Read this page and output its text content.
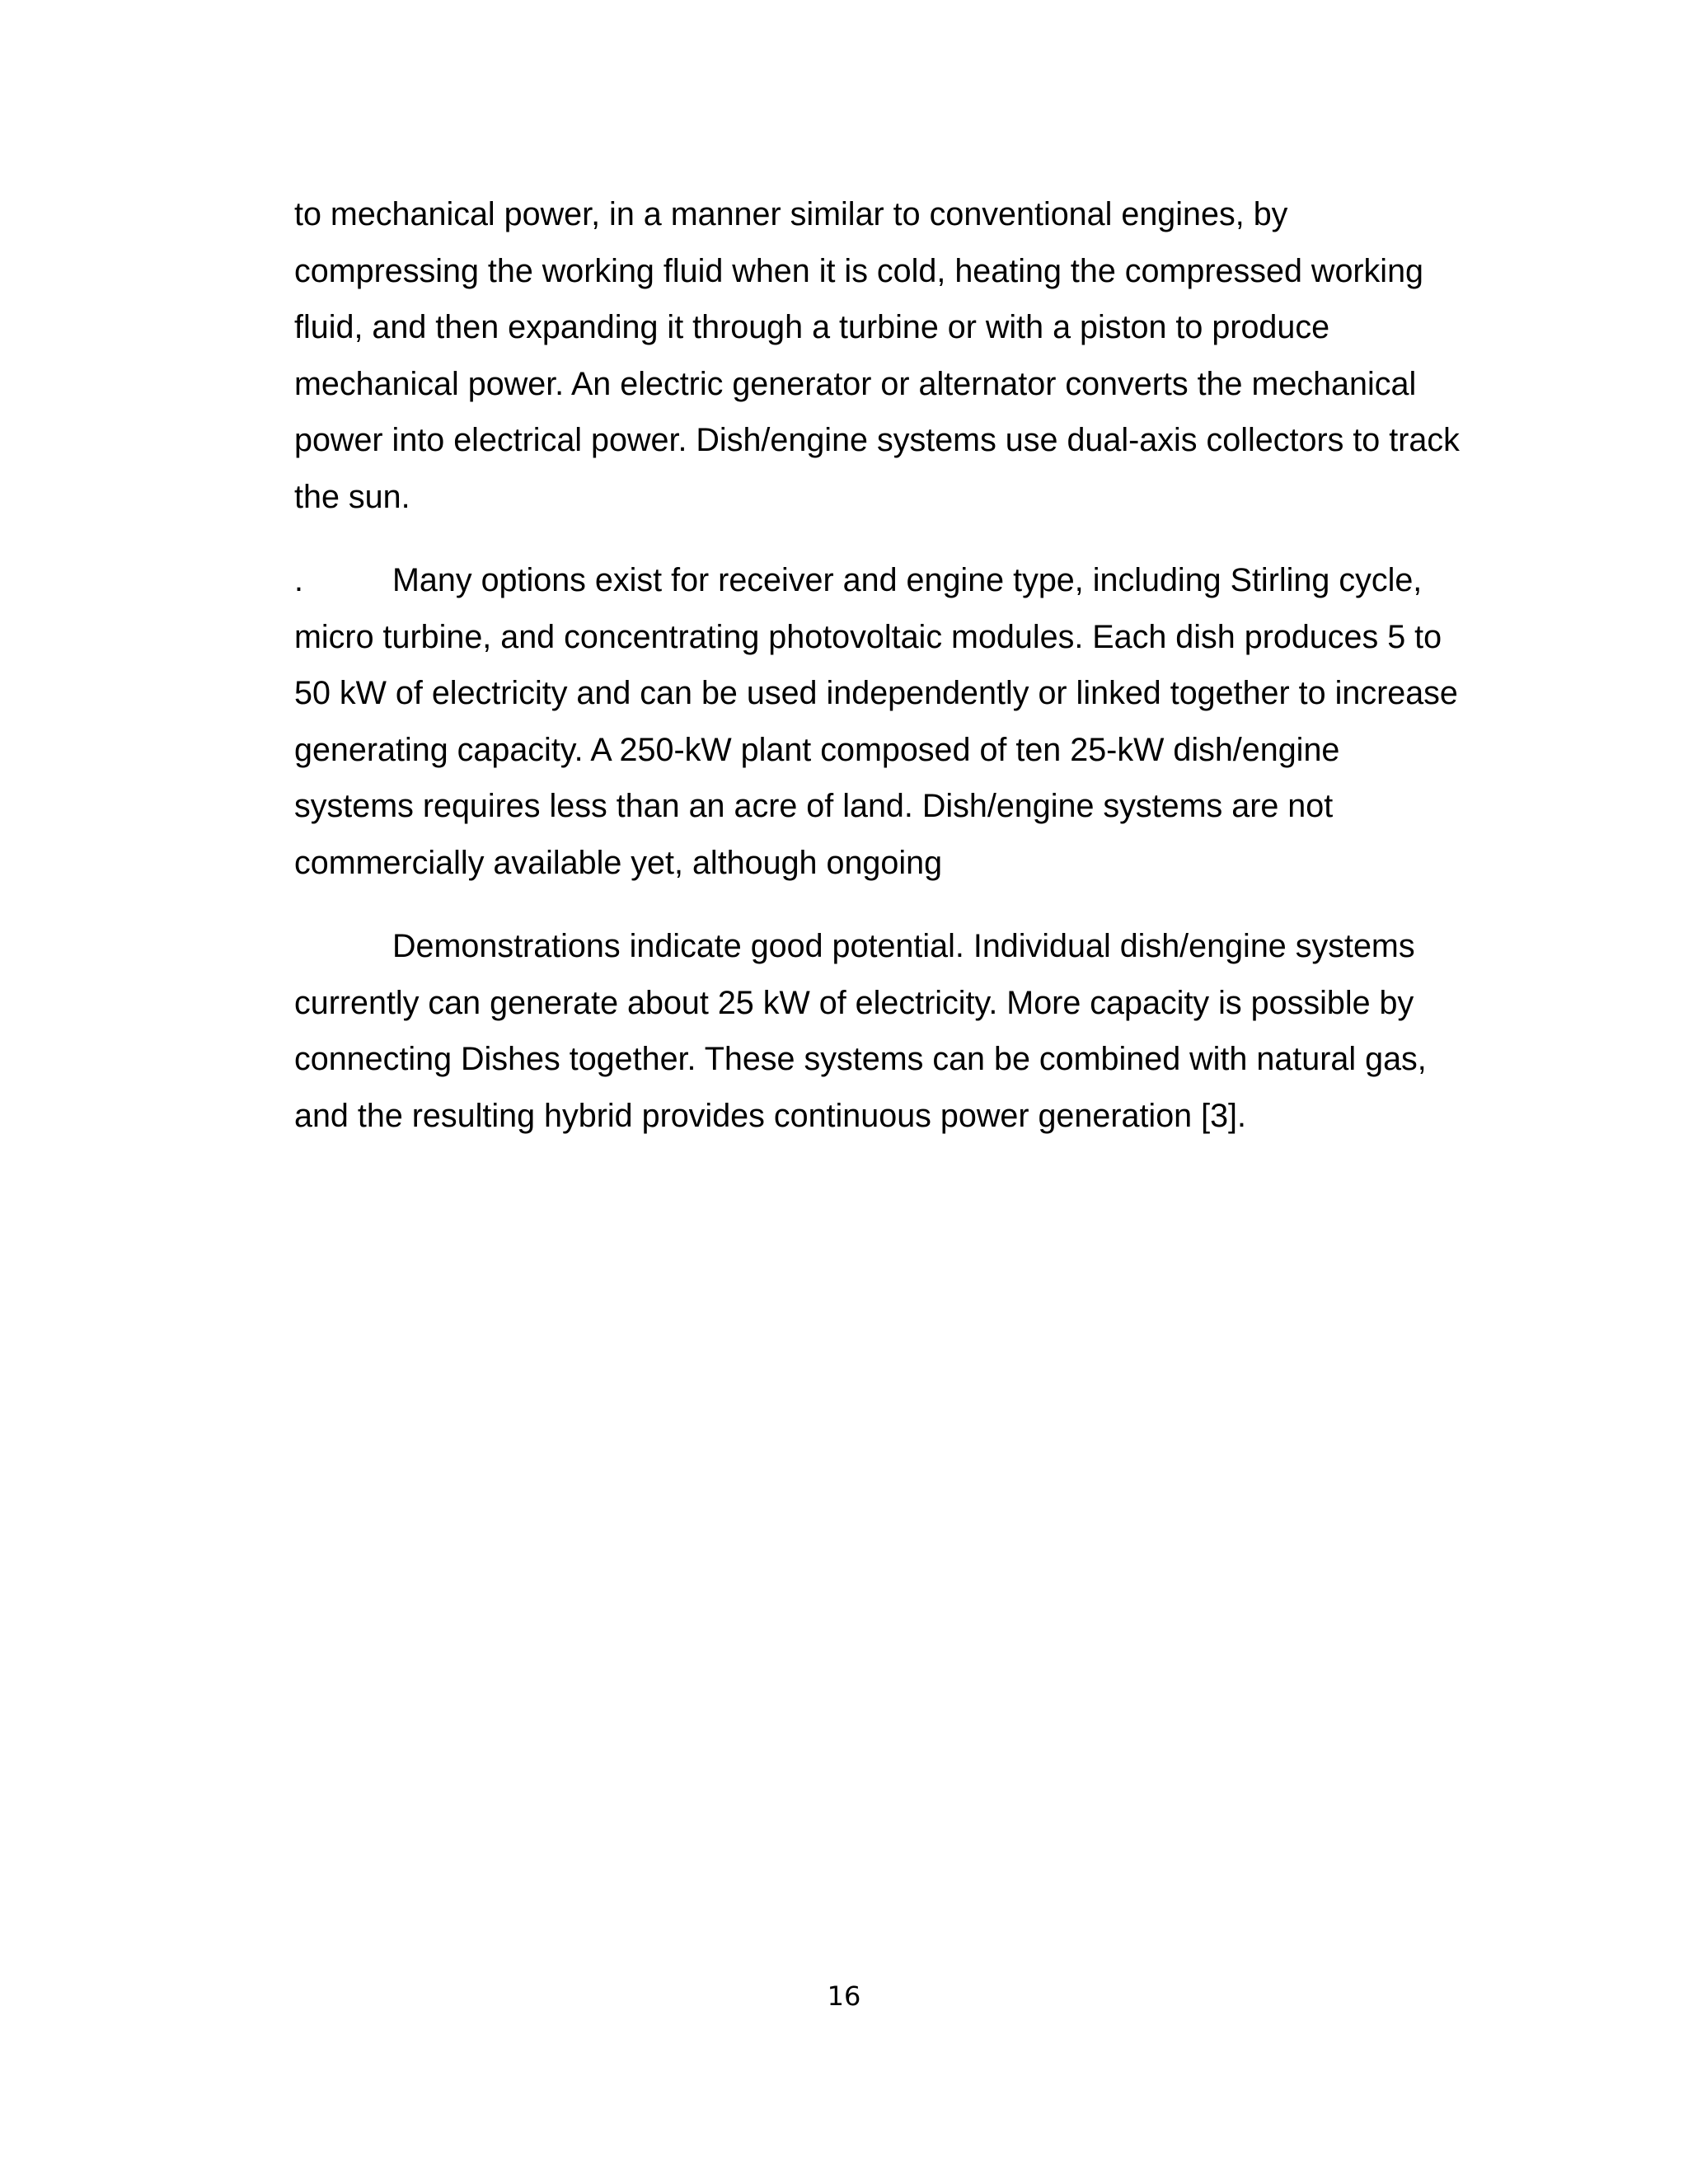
to mechanical power, in a manner similar to conventional engines, by
compressing the working fluid when it is cold, heating the compressed working
fluid, and then expanding it through a turbine or with a piston to produce
mechanical power. An electric generator or alternator converts the mechanical
power into electrical power. Dish/engine systems use dual-axis collectors to track
the sun.

.	Many options exist for receiver and engine type, including Stirling cycle,
micro turbine, and concentrating photovoltaic modules. Each dish produces 5 to
50 kW of electricity and can be used independently or linked together to increase
generating capacity. A 250-kW plant composed of ten 25-kW dish/engine
systems requires less than an acre of land. Dish/engine systems are not
commercially available yet, although ongoing

Demonstrations indicate good potential. Individual dish/engine systems
currently can generate about 25 kW of electricity. More capacity is possible by
connecting Dishes together. These systems can be combined with natural gas,
and the resulting hybrid provides continuous power generation [3].

16
